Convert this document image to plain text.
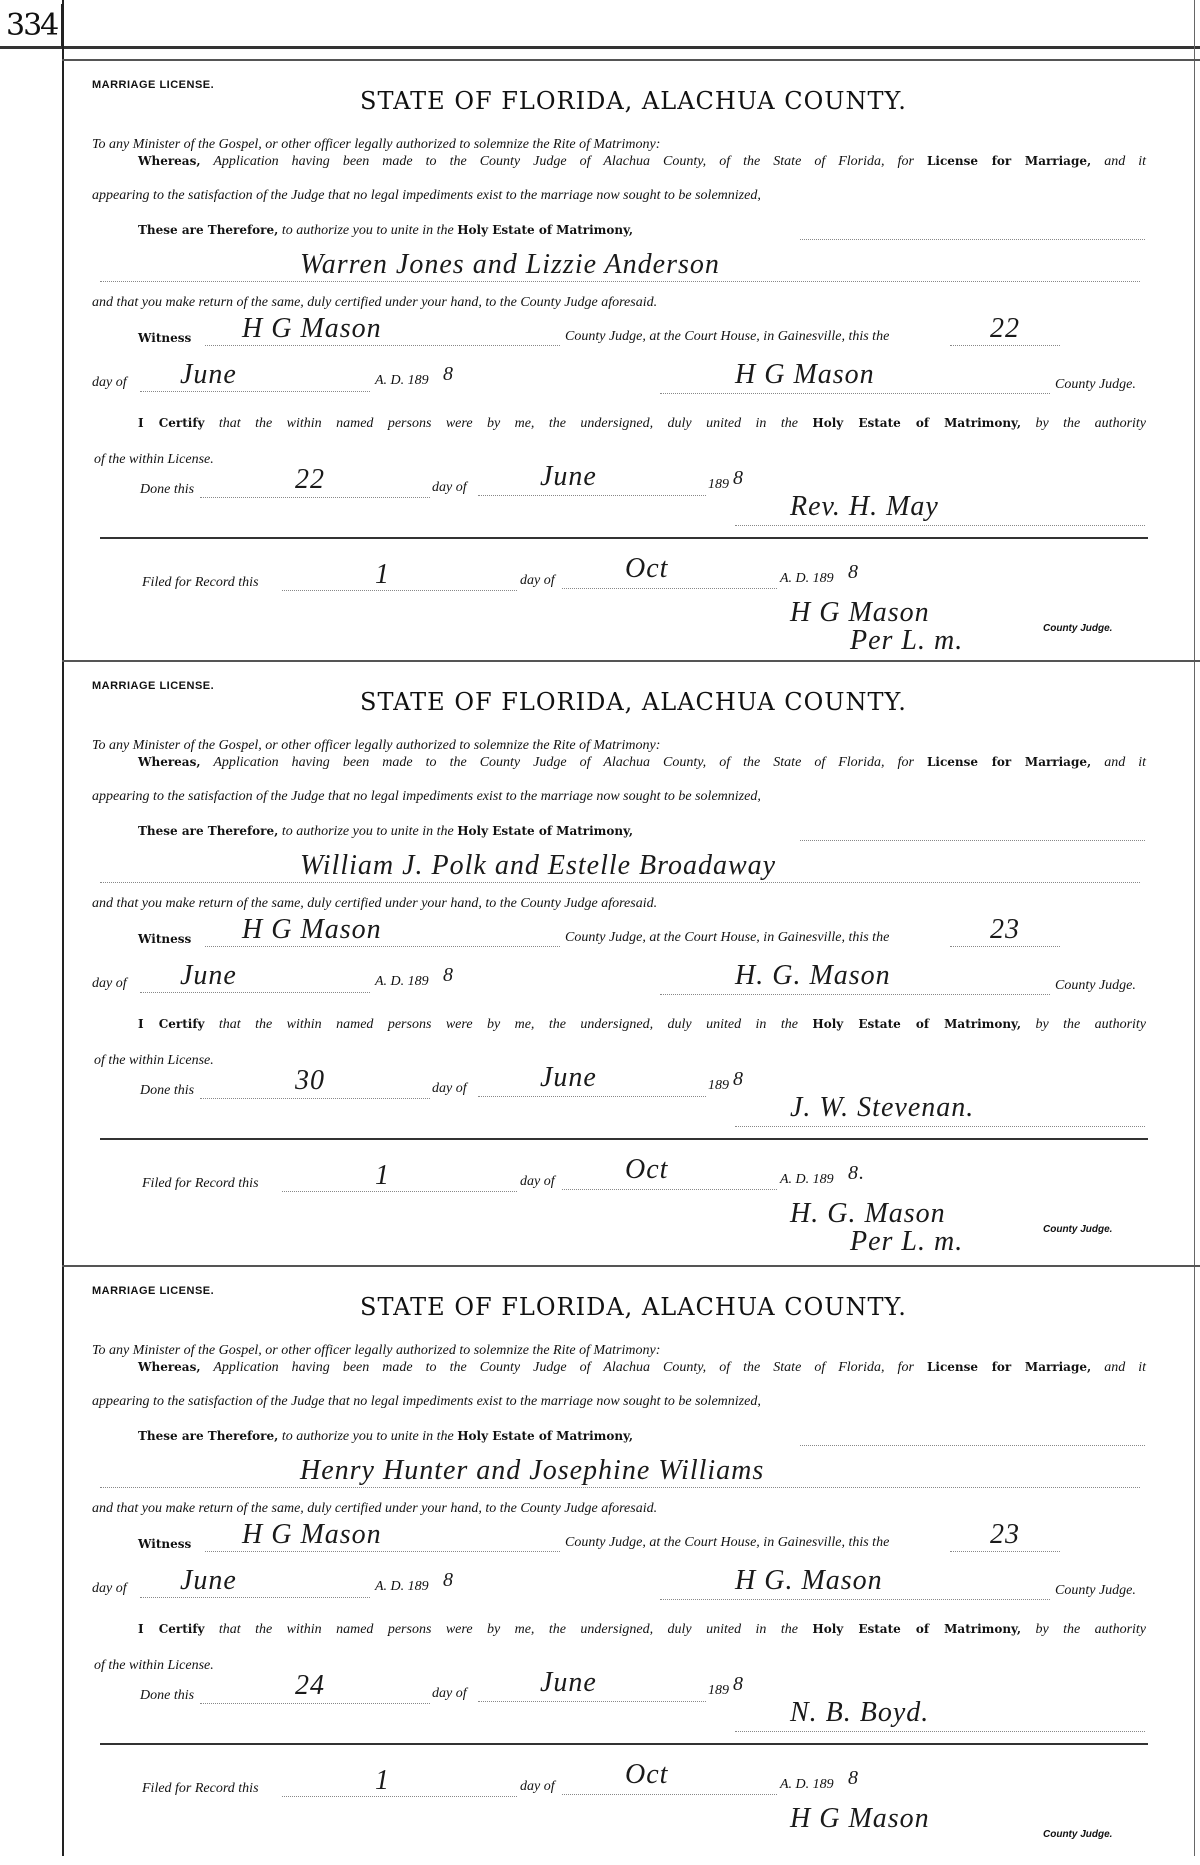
334
MARRIAGE LICENSE.
STATE OF FLORIDA, ALACHUA COUNTY.
To any Minister of the Gospel, or other officer legally authorized to solemnize the Rite of Matrimony:
Whereas, Application having been made to the County Judge of Alachua County, of the State of Florida, for License for Marriage, and it
appearing to the satisfaction of the Judge that no legal impediments exist to the marriage now sought to be solemnized,
These are Therefore, to authorize you to unite in the Holy Estate of Matrimony,
Warren Jones and Lizzie Anderson
and that you make return of the same, duly certified under your hand, to the County Judge aforesaid.
Witness H G Mason	County Judge, at the Court House, in Gainesville, this the	22
day of June	A. D. 189 8	H G Mason	County Judge.
I Certify that the within named persons were by me, the undersigned, duly united in the Holy Estate of Matrimony, by the authority
of the within License.
Done this	22	day of	June	189 8
Rev. H. May
Filed for Record this	1	day of	Oct	A. D. 189 8
H G Mason
Per L. m.	County Judge.
MARRIAGE LICENSE.
STATE OF FLORIDA, ALACHUA COUNTY.
To any Minister of the Gospel, or other officer legally authorized to solemnize the Rite of Matrimony:
Whereas, Application having been made to the County Judge of Alachua County, of the State of Florida, for License for Marriage, and it
appearing to the satisfaction of the Judge that no legal impediments exist to the marriage now sought to be solemnized,
These are Therefore, to authorize you to unite in the Holy Estate of Matrimony,
William J. Polk and Estelle Broadaway
and that you make return of the same, duly certified under your hand, to the County Judge aforesaid.
Witness H G Mason	County Judge, at the Court House, in Gainesville, this the	23
day of June	A. D. 189 8	H. G. Mason	County Judge.
I Certify that the within named persons were by me, the undersigned, duly united in the Holy Estate of Matrimony, by the authority
of the within License.
Done this	30	day of	June	189 8
J. W. Stevenan.
Filed for Record this	1	day of	Oct	A. D. 189 8.
H. G. Mason
Per L. m.	County Judge.
MARRIAGE LICENSE.
STATE OF FLORIDA, ALACHUA COUNTY.
To any Minister of the Gospel, or other officer legally authorized to solemnize the Rite of Matrimony:
Whereas, Application having been made to the County Judge of Alachua County, of the State of Florida, for License for Marriage, and it
appearing to the satisfaction of the Judge that no legal impediments exist to the marriage now sought to be solemnized,
These are Therefore, to authorize you to unite in the Holy Estate of Matrimony,
Henry Hunter and Josephine Williams
and that you make return of the same, duly certified under your hand, to the County Judge aforesaid.
Witness H G Mason	County Judge, at the Court House, in Gainesville, this the	23
day of June	A. D. 189 8	H G. Mason	County Judge.
I Certify that the within named persons were by me, the undersigned, duly united in the Holy Estate of Matrimony, by the authority
of the within License.
Done this	24	day of	June	189 8
N. B. Boyd.
Filed for Record this	1	day of	Oct	A. D. 189 8
H G Mason
County Judge.
